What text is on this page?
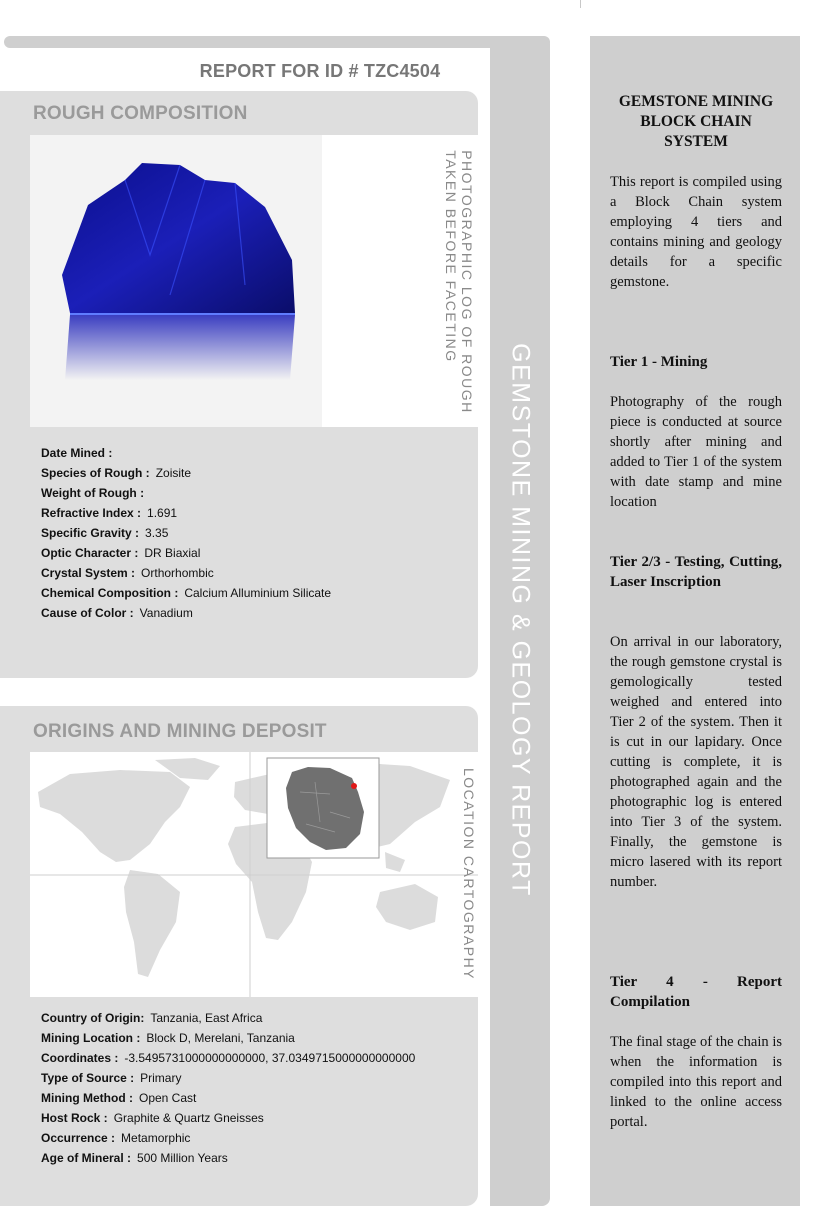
REPORT FOR ID # TZC4504
GEMSTONE MINING & GEOLOGY REPORT
ROUGH COMPOSITION
PHOTOGRAPHIC LOG OF ROUGH
TAKEN BEFORE FACETING
Date Mined :
Species of Rough : Zoisite
Weight of Rough :
Refractive Index : 1.691
Specific Gravity : 3.35
Optic Character : DR Biaxial
Crystal System : Orthorhombic
Chemical Composition : Calcium Alluminium Silicate
Cause of Color : Vanadium
ORIGINS AND MINING DEPOSIT
LOCATION CARTOGRAPHY
Country of Origin: Tanzania, East Africa
Mining Location : Block D, Merelani, Tanzania
Coordinates : -3.5495731000000000000, 37.0349715000000000000
Type of Source : Primary
Mining Method : Open Cast
Host Rock : Graphite & Quartz Gneisses
Occurrence : Metamorphic
Age of Mineral : 500 Million Years
GEMSTONE MINING BLOCK CHAIN SYSTEM
This report is compiled using a Block Chain system employing 4 tiers and contains mining and geology details for a specific gemstone.
Tier 1 - Mining
Photography of the rough piece is conducted at source shortly after mining and added to Tier 1 of the system with date stamp and mine location
Tier 2/3 - Testing, Cutting, Laser Inscription
On arrival in our laboratory, the rough gemstone crystal is gemologically tested weighed and entered into Tier 2 of the system. Then it is cut in our lapidary. Once cutting is complete, it is photographed again and the photographic log is entered into Tier 3 of the system. Finally, the gemstone is micro lasered with its report number.
Tier 4 - Report Compilation
The final stage of the chain is when the information is compiled into this report and linked to the online access portal.
